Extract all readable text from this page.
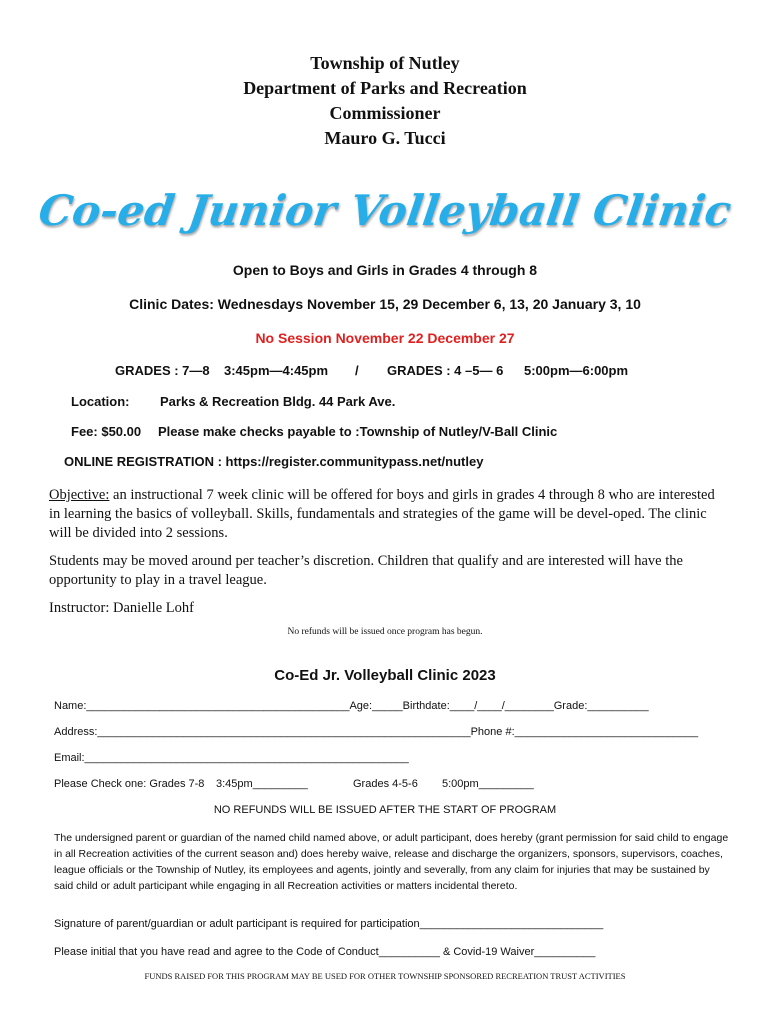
Township of Nutley
Department of Parks and Recreation
Commissioner
Mauro G. Tucci
Co-ed Junior Volleyball Clinic
Open to Boys and Girls in Grades 4 through 8
Clinic Dates: Wednesdays November 15, 29 December 6, 13, 20 January 3, 10
No Session November 22 December 27
GRADES : 7—8 3:45pm—4:45pm / GRADES : 4 –5— 6 5:00pm—6:00pm
Location: Parks & Recreation Bldg. 44 Park Ave.
Fee: $50.00 Please make checks payable to :Township of Nutley/V-Ball Clinic
ONLINE REGISTRATION : https://register.communitypass.net/nutley
Objective: an instructional 7 week clinic will be offered for boys and girls in grades 4 through 8 who are interested in learning the basics of volleyball. Skills, fundamentals and strategies of the game will be devel-oped. The clinic will be divided into 2 sessions.
Students may be moved around per teacher’s discretion. Children that qualify and are interested will have the opportunity to play in a travel league.
Instructor: Danielle Lohf
No refunds will be issued once program has begun.
Co-Ed Jr. Volleyball Clinic 2023
Name:___________________________________________Age:_____Birthdate:____/____/________Grade:__________
Address:_____________________________________________________________Phone #:______________________________
Email:_____________________________________________________
Please Check one: Grades 7-8 3:45pm_________	Grades 4-5-6 5:00pm_________
NO REFUNDS WILL BE ISSUED AFTER THE START OF PROGRAM
The undersigned parent or guardian of the named child named above, or adult participant, does hereby (grant permission for said child to engage in all Recreation activities of the current season and) does hereby waive, release and discharge the organizers, sponsors, supervisors, coaches, league officials or the Township of Nutley, its employees and agents, jointly and severally, from any claim for injuries that may be sustained by said child or adult participant while engaging in all Recreation activities or matters incidental thereto.
Signature of parent/guardian or adult participant is required for participation______________________________
Please initial that you have read and agree to the Code of Conduct__________ & Covid-19 Waiver__________
FUNDS RAISED FOR THIS PROGRAM MAY BE USED FOR OTHER TOWNSHIP SPONSORED RECREATION TRUST ACTIVITIES
